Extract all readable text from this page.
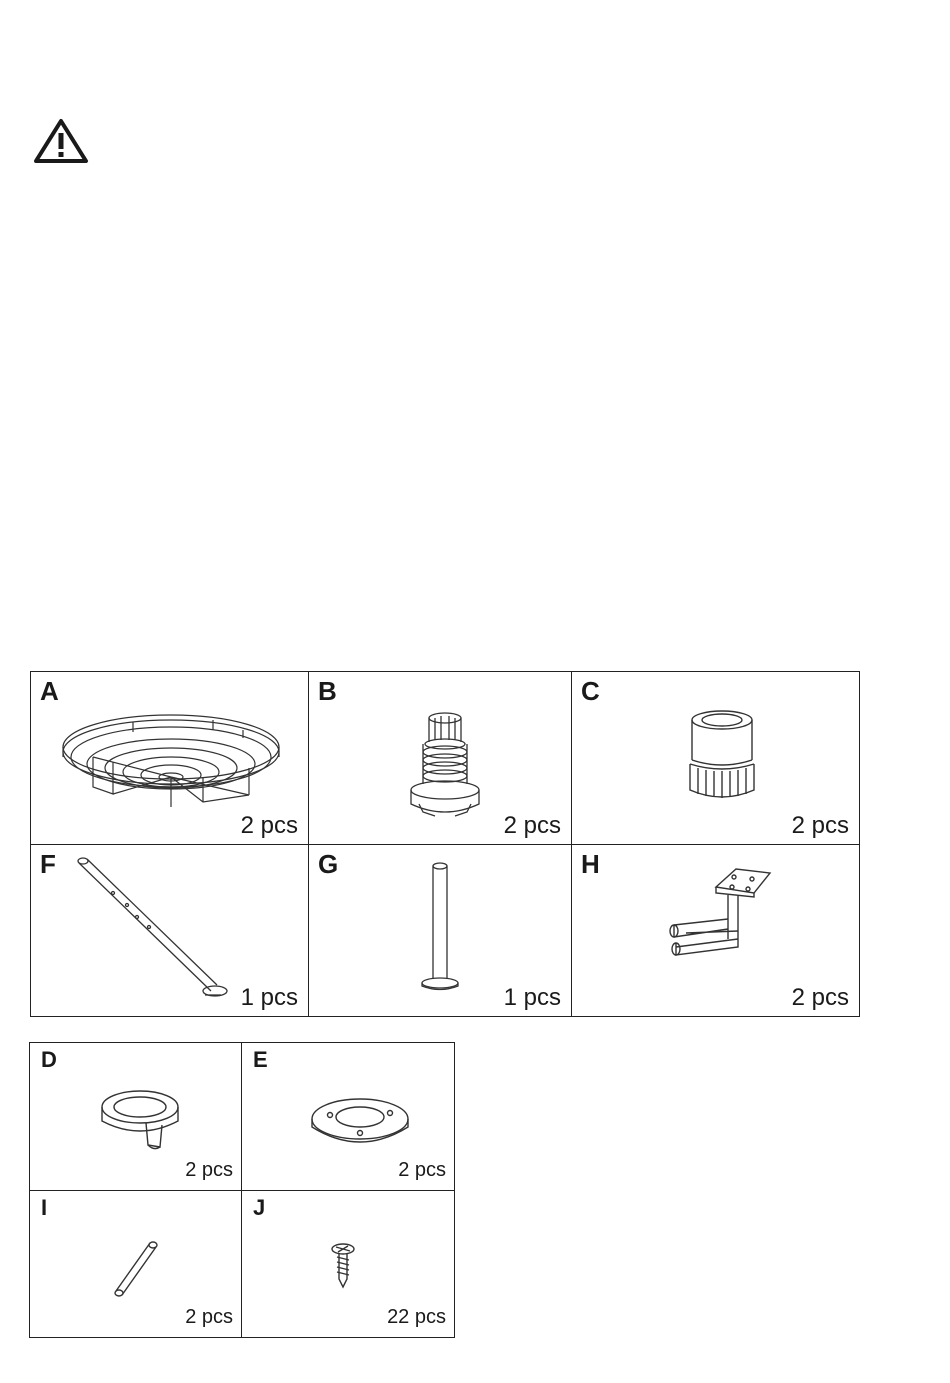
A
2 pcs
B
2 pcs
C
2 pcs
F
1 pcs
G
1 pcs
H
2 pcs
D
2 pcs
E
2 pcs
I
2 pcs
J
22 pcs
